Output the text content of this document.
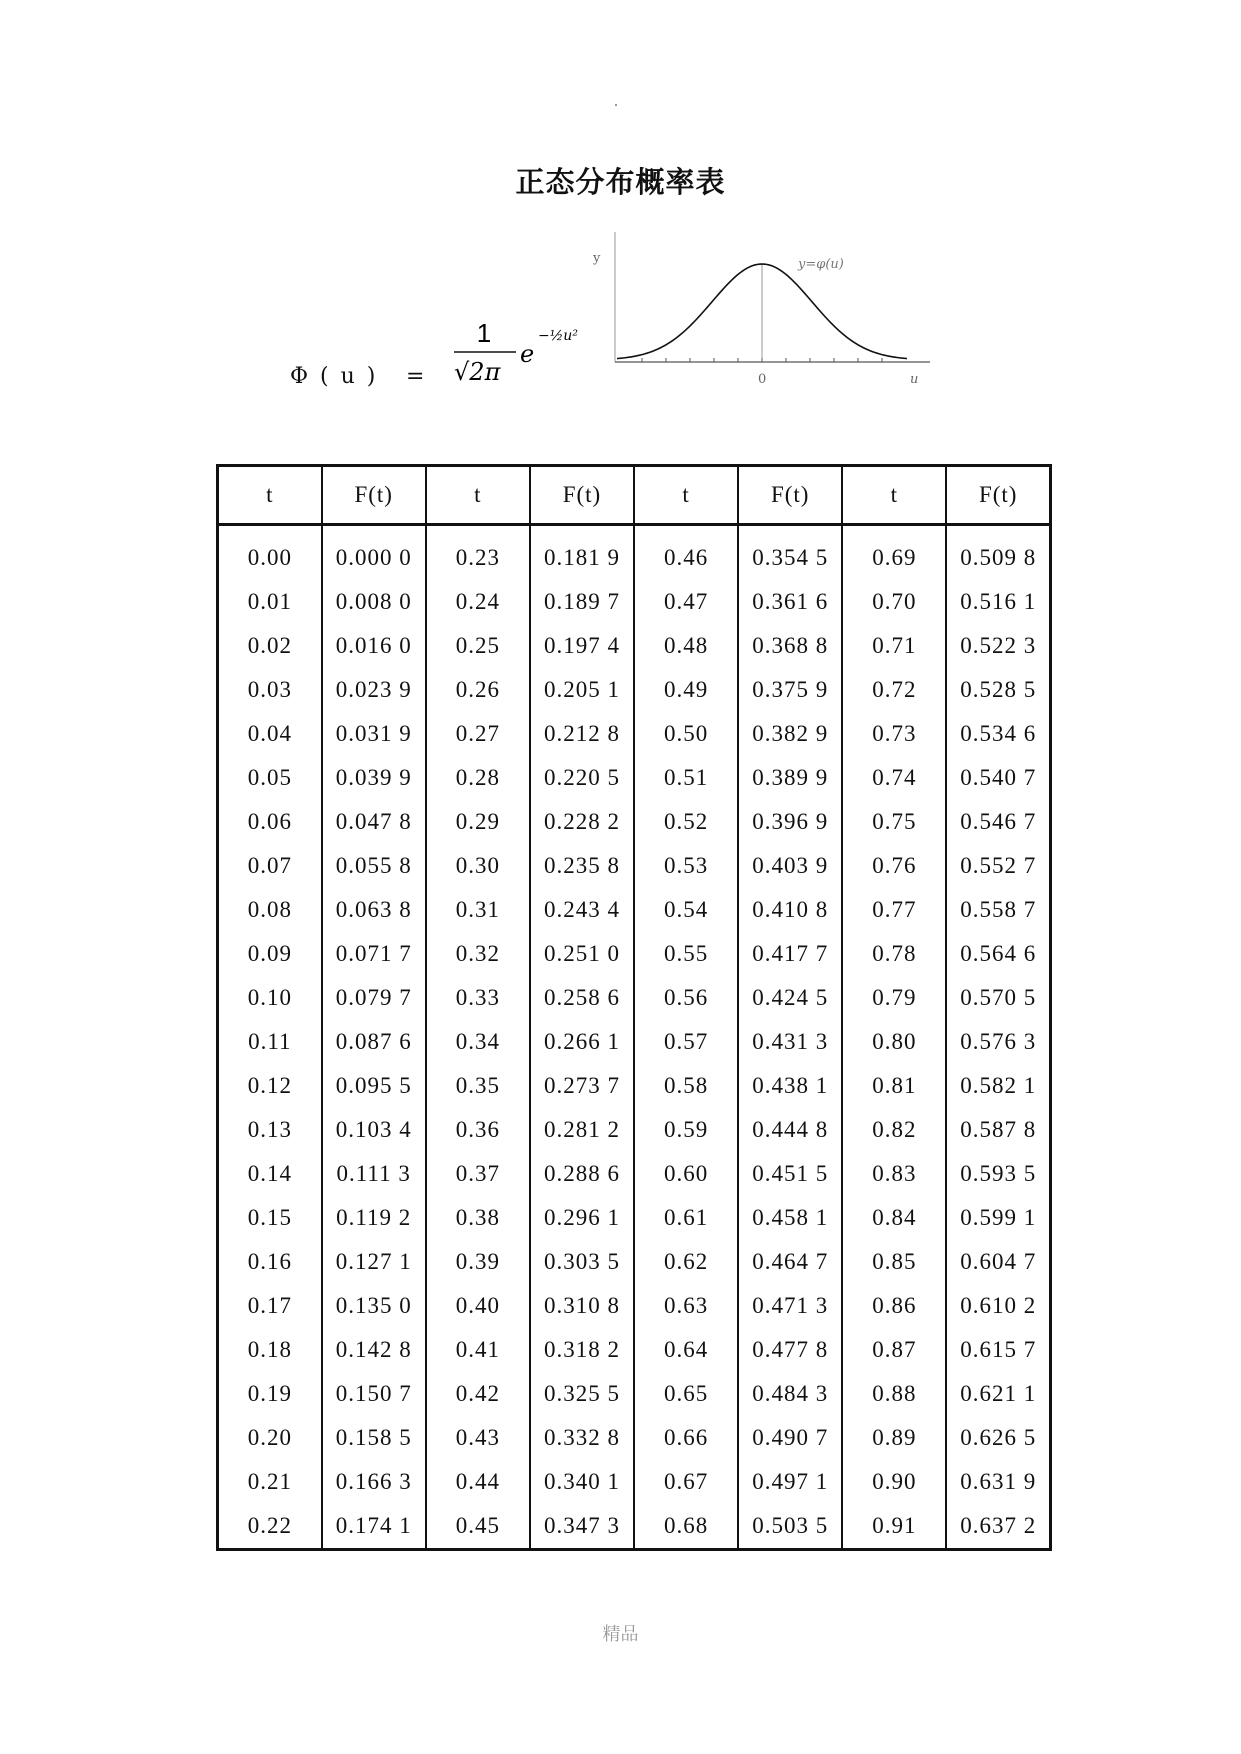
正态分布概率表
Φ(u) =
1
√2π
e
−½u²
y	y=φ(u)
0	u
t	F(t)	t	F(t)	t	F(t)	t	F(t)
0.00	0.000 0	0.23	0.181 9	0.46	0.354 5	0.69	0.509 8
0.01	0.008 0	0.24	0.189 7	0.47	0.361 6	0.70	0.516 1
0.02	0.016 0	0.25	0.197 4	0.48	0.368 8	0.71	0.522 3
0.03	0.023 9	0.26	0.205 1	0.49	0.375 9	0.72	0.528 5
0.04	0.031 9	0.27	0.212 8	0.50	0.382 9	0.73	0.534 6
0.05	0.039 9	0.28	0.220 5	0.51	0.389 9	0.74	0.540 7
0.06	0.047 8	0.29	0.228 2	0.52	0.396 9	0.75	0.546 7
0.07	0.055 8	0.30	0.235 8	0.53	0.403 9	0.76	0.552 7
0.08	0.063 8	0.31	0.243 4	0.54	0.410 8	0.77	0.558 7
0.09	0.071 7	0.32	0.251 0	0.55	0.417 7	0.78	0.564 6
0.10	0.079 7	0.33	0.258 6	0.56	0.424 5	0.79	0.570 5
0.11	0.087 6	0.34	0.266 1	0.57	0.431 3	0.80	0.576 3
0.12	0.095 5	0.35	0.273 7	0.58	0.438 1	0.81	0.582 1
0.13	0.103 4	0.36	0.281 2	0.59	0.444 8	0.82	0.587 8
0.14	0.111 3	0.37	0.288 6	0.60	0.451 5	0.83	0.593 5
0.15	0.119 2	0.38	0.296 1	0.61	0.458 1	0.84	0.599 1
0.16	0.127 1	0.39	0.303 5	0.62	0.464 7	0.85	0.604 7
0.17	0.135 0	0.40	0.310 8	0.63	0.471 3	0.86	0.610 2
0.18	0.142 8	0.41	0.318 2	0.64	0.477 8	0.87	0.615 7
0.19	0.150 7	0.42	0.325 5	0.65	0.484 3	0.88	0.621 1
0.20	0.158 5	0.43	0.332 8	0.66	0.490 7	0.89	0.626 5
0.21	0.166 3	0.44	0.340 1	0.67	0.497 1	0.90	0.631 9
0.22	0.174 1	0.45	0.347 3	0.68	0.503 5	0.91	0.637 2
精品
